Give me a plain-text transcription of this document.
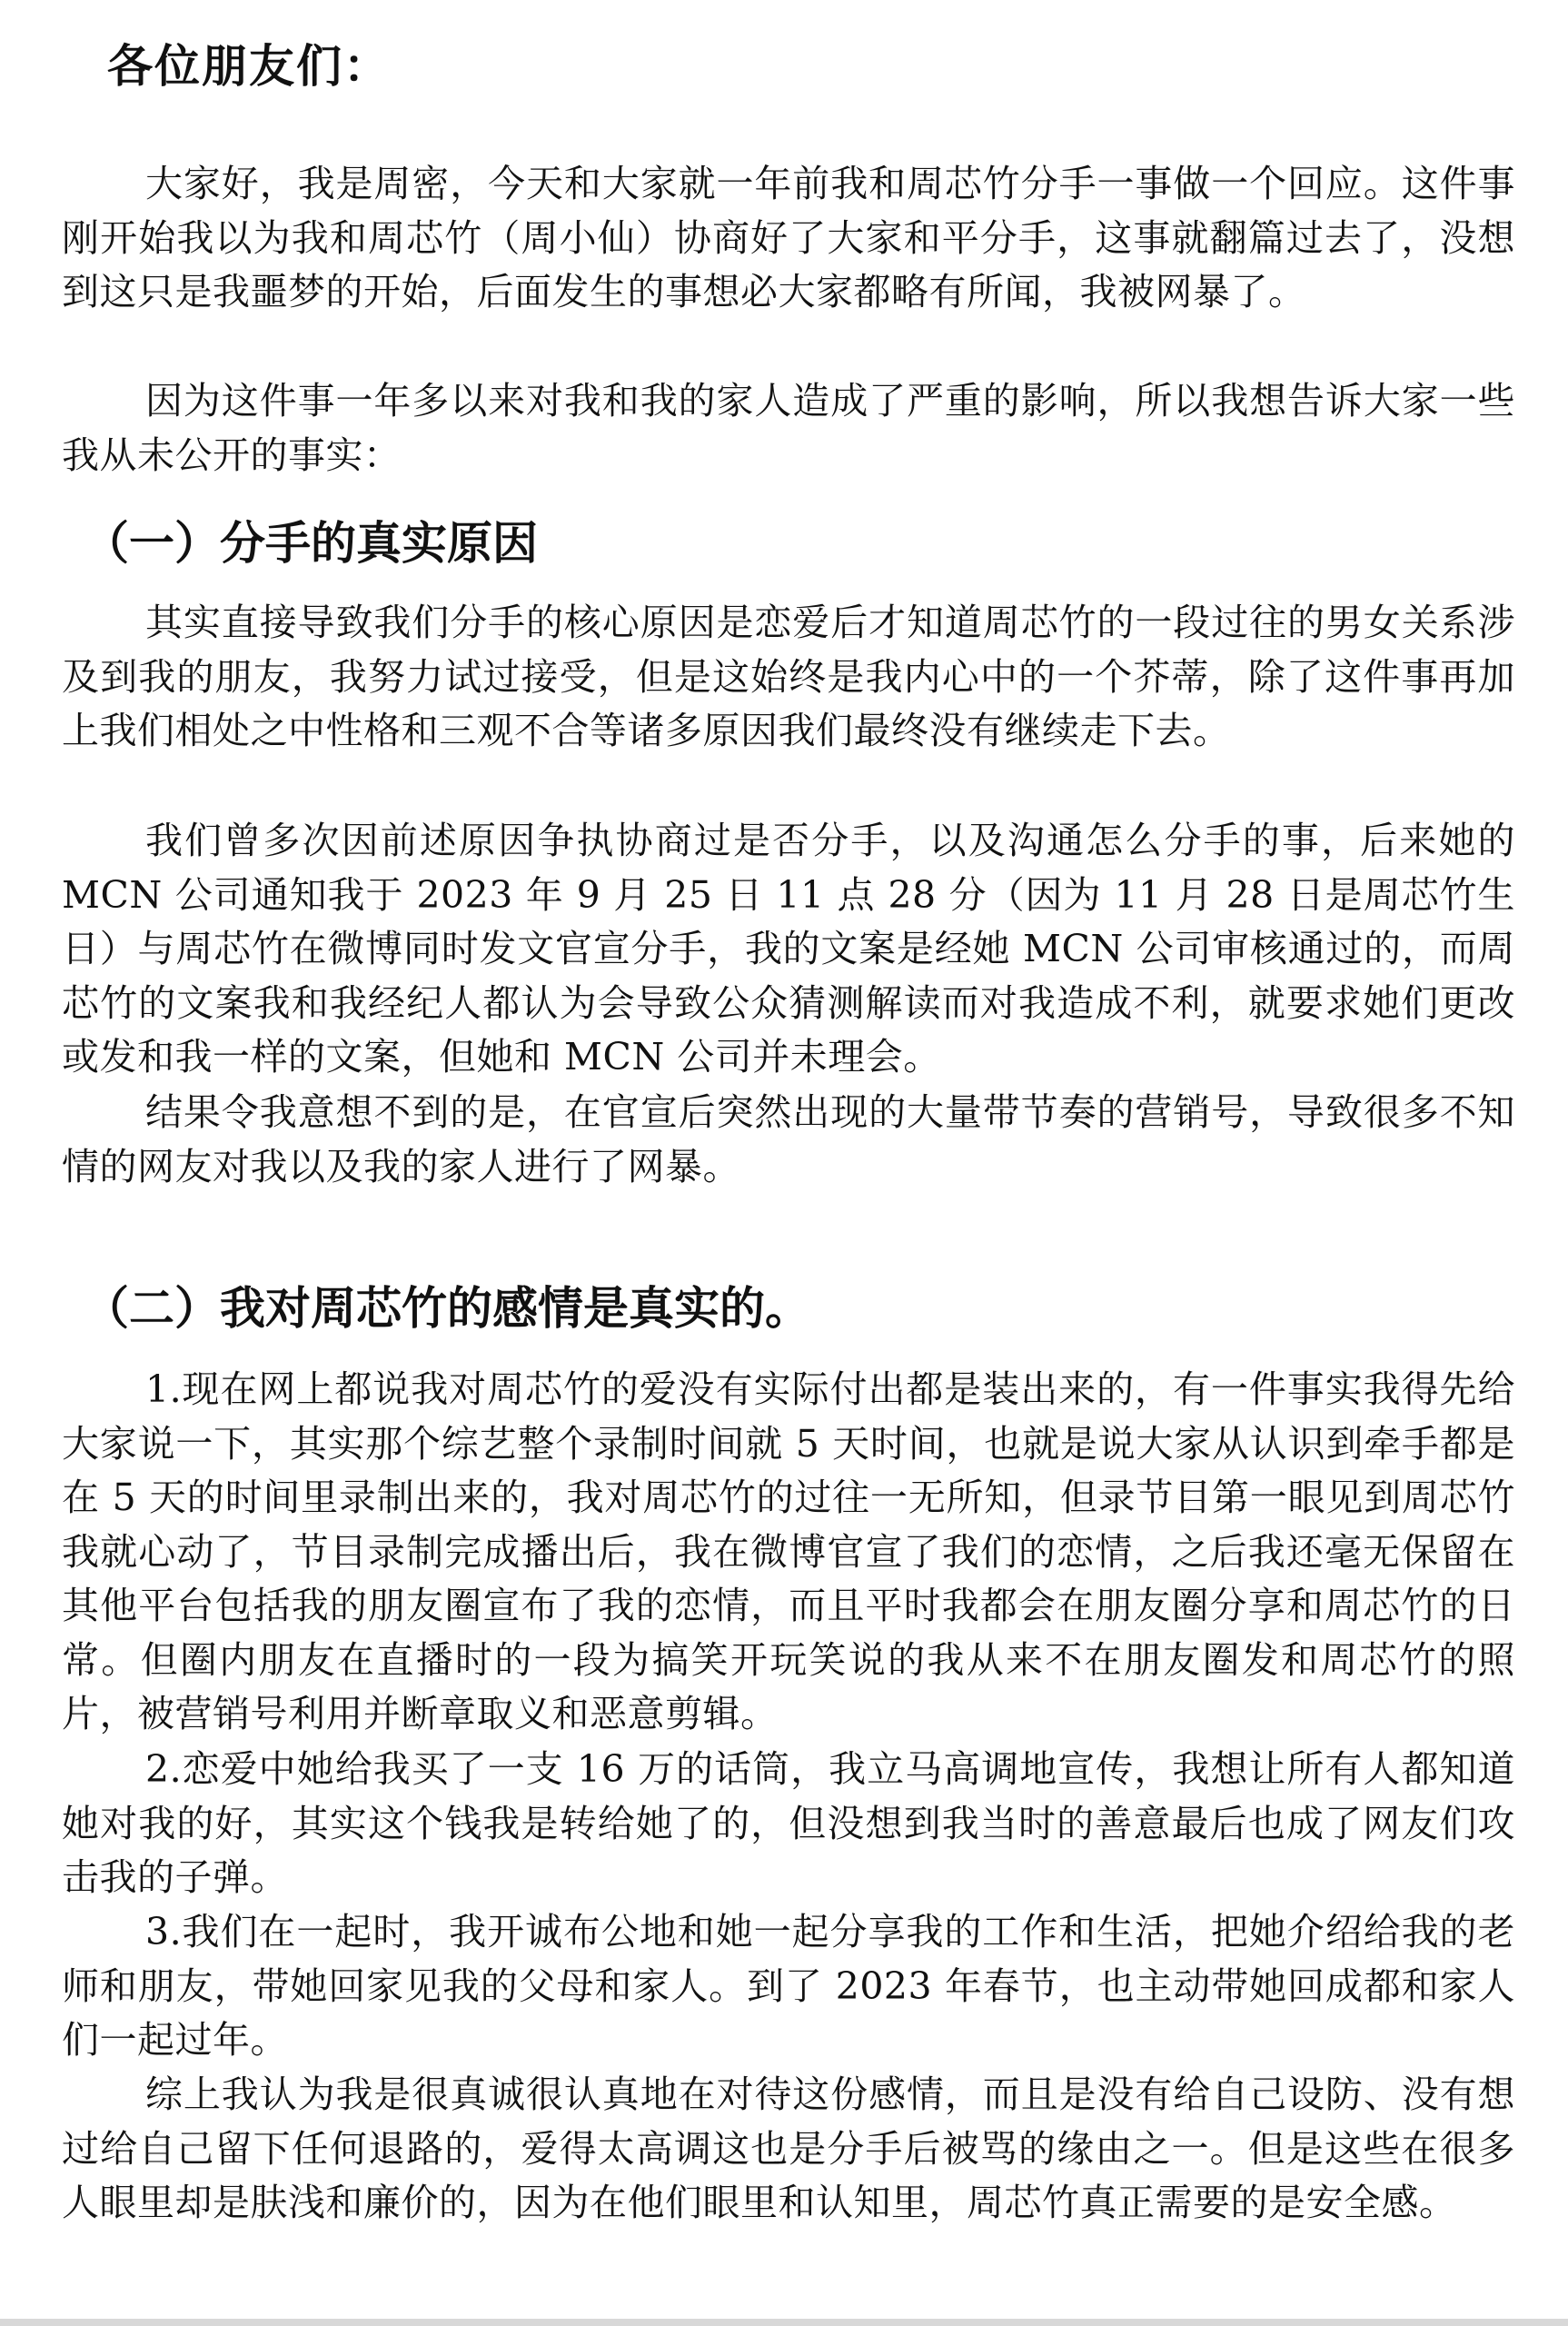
各位朋友们：

大家好，我是周密，今天和大家就一年前我和周芯竹分手一事做一个回应。这件事刚开始我以为我和周芯竹（周小仙）协商好了大家和平分手，这事就翻篇过去了，没想到这只是我噩梦的开始，后面发生的事想必大家都略有所闻，我被网暴了。

因为这件事一年多以来对我和我的家人造成了严重的影响，所以我想告诉大家一些我从未公开的事实：

（一）分手的真实原因

其实直接导致我们分手的核心原因是恋爱后才知道周芯竹的一段过往的男女关系涉及到我的朋友，我努力试过接受，但是这始终是我内心中的一个芥蒂，除了这件事再加上我们相处之中性格和三观不合等诸多原因我们最终没有继续走下去。

我们曾多次因前述原因争执协商过是否分手，以及沟通怎么分手的事，后来她的 MCN 公司通知我于 2023 年 9 月 25 日 11 点 28 分（因为 11 月 28 日是周芯竹生日）与周芯竹在微博同时发文官宣分手，我的文案是经她 MCN 公司审核通过的，而周芯竹的文案我和我经纪人都认为会导致公众猜测解读而对我造成不利，就要求她们更改或发和我一样的文案，但她和 MCN 公司并未理会。

结果令我意想不到的是，在官宣后突然出现的大量带节奏的营销号，导致很多不知情的网友对我以及我的家人进行了网暴。

（二）我对周芯竹的感情是真实的。

1.现在网上都说我对周芯竹的爱没有实际付出都是装出来的，有一件事实我得先给大家说一下，其实那个综艺整个录制时间就 5 天时间，也就是说大家从认识到牵手都是在 5 天的时间里录制出来的，我对周芯竹的过往一无所知，但录节目第一眼见到周芯竹我就心动了，节目录制完成播出后，我在微博官宣了我们的恋情，之后我还毫无保留在其他平台包括我的朋友圈宣布了我的恋情，而且平时我都会在朋友圈分享和周芯竹的日常。但圈内朋友在直播时的一段为搞笑开玩笑说的我从来不在朋友圈发和周芯竹的照片，被营销号利用并断章取义和恶意剪辑。

2.恋爱中她给我买了一支 16 万的话筒，我立马高调地宣传，我想让所有人都知道她对我的好，其实这个钱我是转给她了的，但没想到我当时的善意最后也成了网友们攻击我的子弹。

3.我们在一起时，我开诚布公地和她一起分享我的工作和生活，把她介绍给我的老师和朋友，带她回家见我的父母和家人。到了 2023 年春节，也主动带她回成都和家人们一起过年。

综上我认为我是很真诚很认真地在对待这份感情，而且是没有给自己设防、没有想过给自己留下任何退路的，爱得太高调这也是分手后被骂的缘由之一。但是这些在很多人眼里却是肤浅和廉价的，因为在他们眼里和认知里，周芯竹真正需要的是安全感。
